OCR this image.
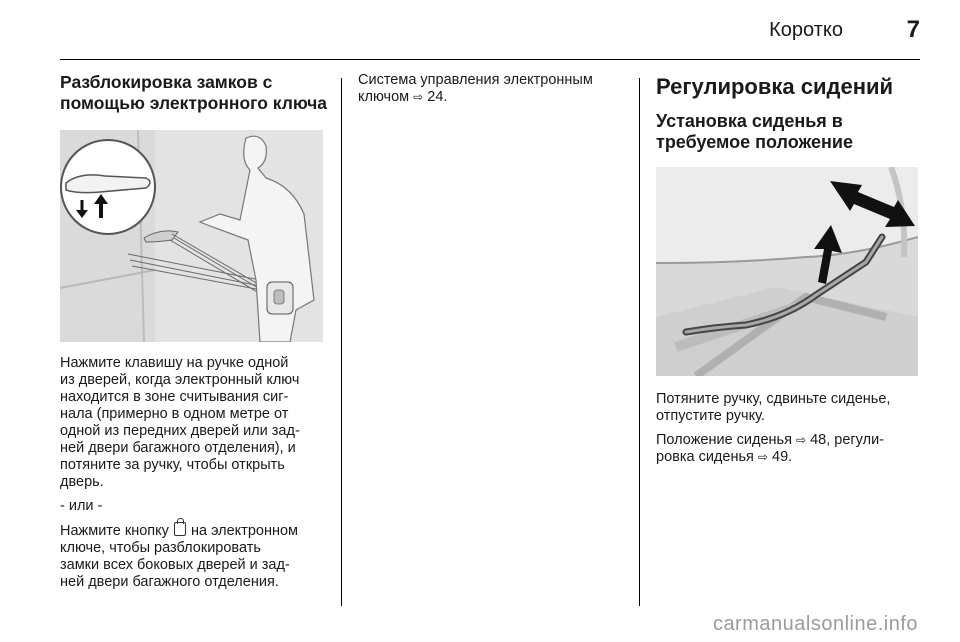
Коротко	7
Разблокировка замков с
помощью электронного ключа

Нажмите клавишу на ручке одной
из дверей, когда электронный ключ
находится в зоне считывания сиг-
нала (примерно в одном метре от
одной из передних дверей или зад-
ней двери багажного отделения), и
потяните за ручку, чтобы открыть
дверь.

- или -

Нажмите кнопку на электронном
ключе, чтобы разблокировать
замки всех боковых дверей и зад-
ней двери багажного отделения.

Система управления электронным
ключом ⇨ 24.	Регулировка сидений
Установка сиденья в
требуемое положение

Потяните ручку, сдвиньте сиденье,
отпустите ручку.

Положение сиденья ⇨ 48, регули-
ровка сиденья ⇨ 49.

carmanualsonline.info
